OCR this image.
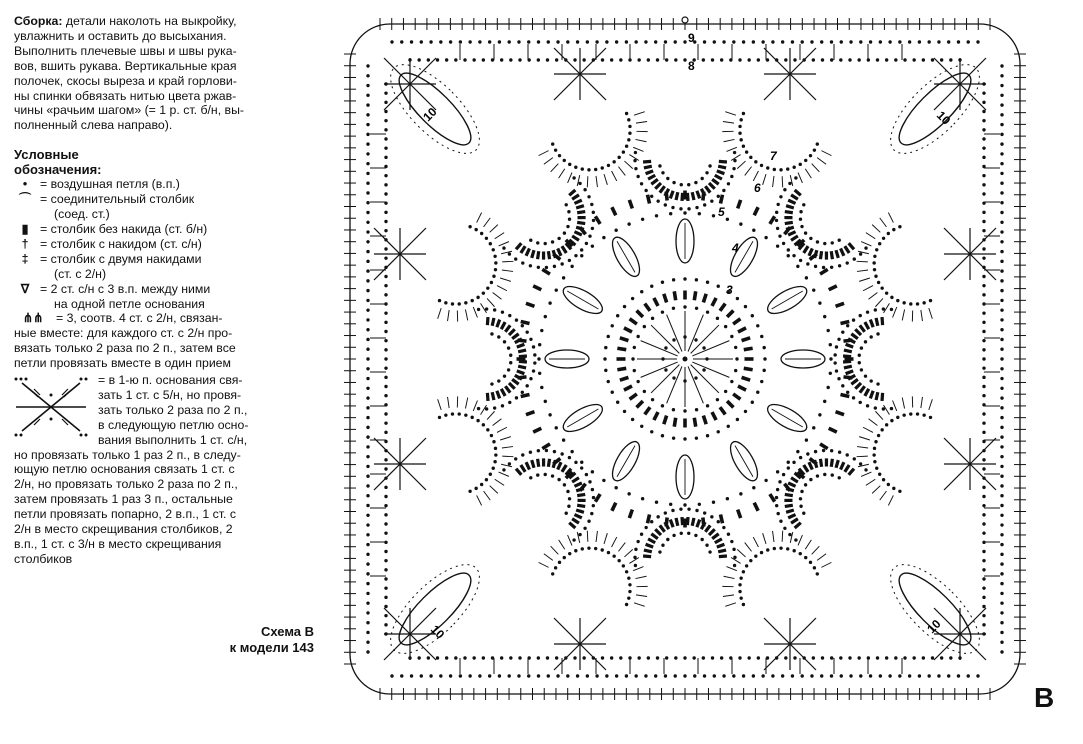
Сборка: детали наколоть на выкройку,
увлажнить и оставить до высыхания.
Выполнить плечевые швы и швы рука-
вов, вшить рукава. Вертикальные края
полочек, скосы выреза и край горлови-
ны спинки обвязать нитью цвета ржав-
чины «рачьим шагом» (= 1 р. ст. б/н, вы-
полненный слева направо).

Условные
обозначения:
•	= воздушная петля (в.п.)
⌒ = соединительный столбик
(соед. ст.)
▮ = столбик без накида (ст. б/н)
† = столбик с накидом (ст. с/н)
‡ = столбик с двумя накидами
(ст. с 2/н)
∇ = 2 ст. с/н с 3 в.п. между ними
на одной петле основания
⋔⋔	= 3, соотв. 4 ст. с 2/н, связан-
ные вместе: для каждого ст. с 2/н про-
вязать только 2 раза по 2 п., затем все
петли провязать вместе в один прием
= в 1-ю п. основания свя-
зать 1 ст. с 5/н, но провя-
зать только 2 раза по 2 п.,
в следующую петлю осно-
вания выполнить 1 ст. с/н,
но провязать только 1 раз 2 п., в следу-
ющую петлю основания связать 1 ст. с
2/н, но провязать только 2 раза по 2 п.,
затем провязать 1 раз 3 п., остальные
петли провязать попарно, 2 в.п., 1 ст. с
2/н в место скрещивания столбиков, 2
в.п., 1 ст. с 3/н в место скрещивания
столбиков
Схема В
к модели 143
9
8
7
6
5
4
3
10	10
10	10
В
